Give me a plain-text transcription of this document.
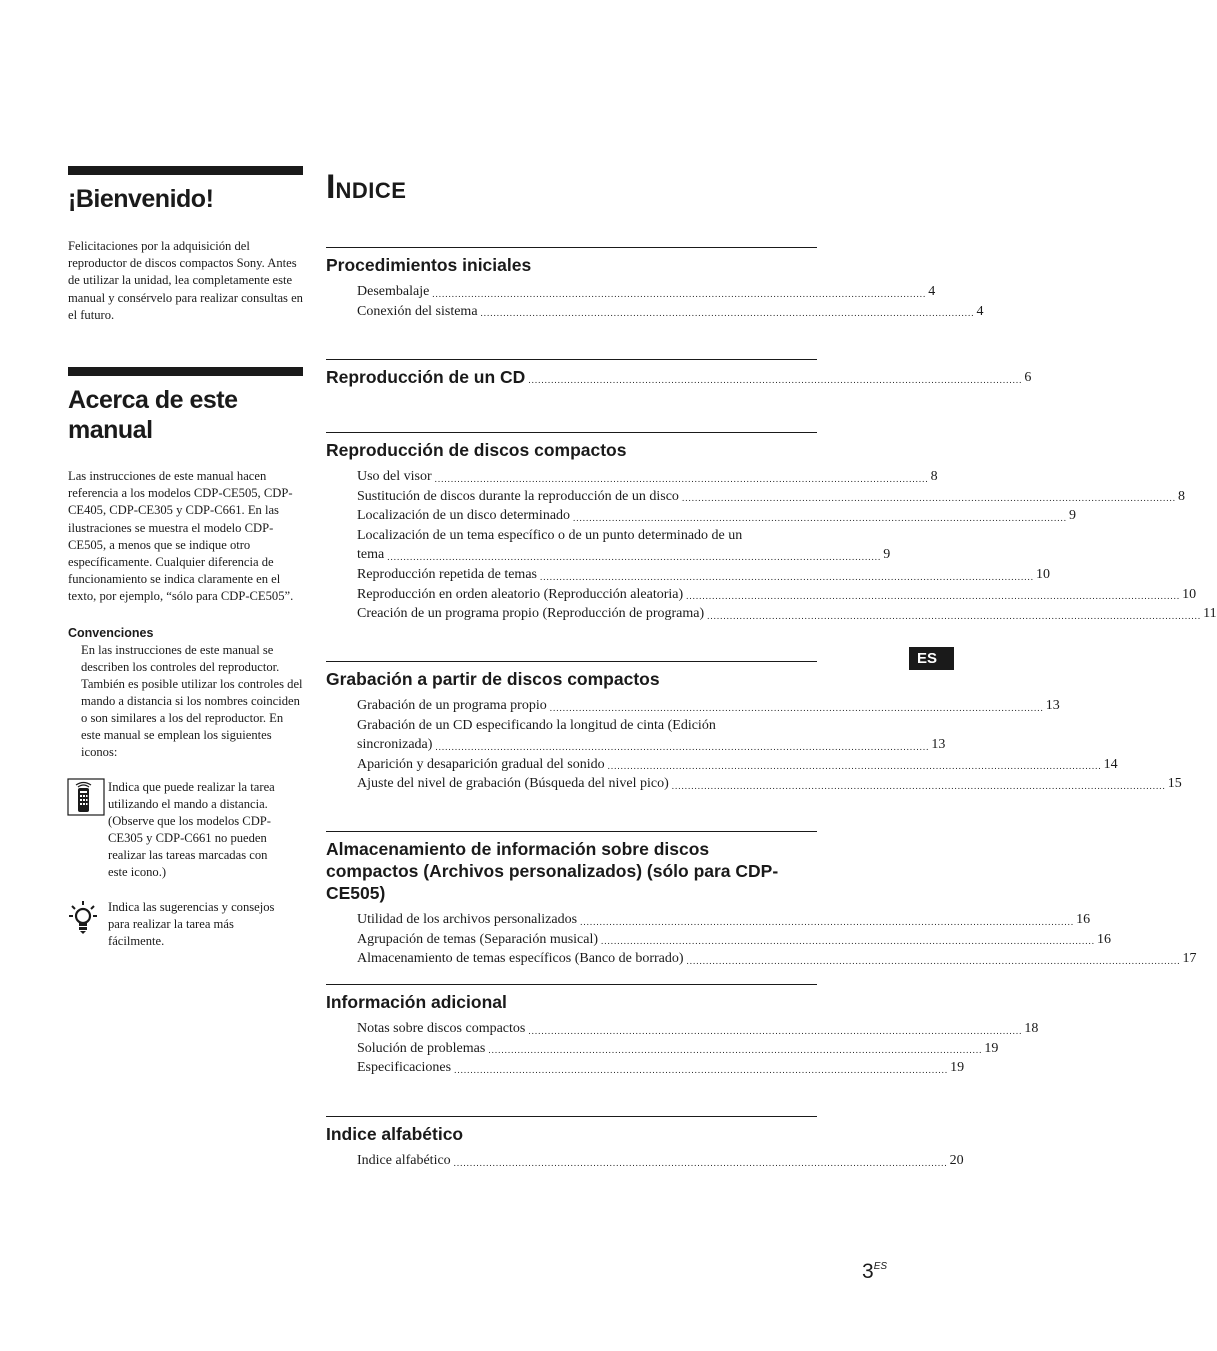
¡Bienvenido!

Felicitaciones por la adquisición del reproductor de discos compactos Sony. Antes de utilizar la unidad, lea completamente este manual y consérvelo para realizar consultas en el futuro.

Acerca de este manual

Las instrucciones de este manual hacen referencia a los modelos CDP-CE505, CDP-CE405, CDP-CE305 y CDP-C661. En las ilustraciones se muestra el modelo CDP-CE505, a menos que se indique otro específicamente. Cualquier diferencia de funcionamiento se indica claramente en el texto, por ejemplo, “sólo para CDP-CE505”.

Convenciones

En las instrucciones de este manual se describen los controles del reproductor. También es posible utilizar los controles del mando a distancia si los nombres coinciden o son similares a los del reproductor. En este manual se emplean los siguientes iconos:

Indica que puede realizar la tarea utilizando el mando a distancia. (Observe que los modelos CDP-CE305 y CDP-C661 no pueden realizar las tareas marcadas con este icono.)

Indica las sugerencias y consejos para realizar la tarea más fácilmente.

INDICE

Procedimientos iniciales

Desembalaje ........................................................................................................................................................ 4
Conexión del sistema ........................................................................................................................................................ 4
Reproducción de un CD ........................................................................................................................................................ 6

Reproducción de discos compactos

Uso del visor ........................................................................................................................................................ 8
Sustitución de discos durante la reproducción de un disco ........................................................................................................................................................ 8
Localización de un disco determinado ........................................................................................................................................................ 9
Localización de un tema específico o de un punto determinado de un
tema ........................................................................................................................................................ 9
Reproducción repetida de temas ........................................................................................................................................................ 10
Reproducción en orden aleatorio (Reproducción aleatoria) ........................................................................................................................................................ 10
Creación de un programa propio (Reproducción de programa) ........................................................................................................................................................ 11

Grabación a partir de discos compactos

Grabación de un programa propio ........................................................................................................................................................ 13
Grabación de un CD especificando la longitud de cinta (Edición
sincronizada) ........................................................................................................................................................ 13
Aparición y desaparición gradual del sonido ........................................................................................................................................................ 14
Ajuste del nivel de grabación (Búsqueda del nivel pico) ........................................................................................................................................................ 15

Almacenamiento de información sobre discos compactos (Archivos personalizados) (sólo para CDP-CE505)

Utilidad de los archivos personalizados ........................................................................................................................................................ 16
Agrupación de temas (Separación musical) ........................................................................................................................................................ 16
Almacenamiento de temas específicos (Banco de borrado) ........................................................................................................................................................ 17

Información adicional

Notas sobre discos compactos ........................................................................................................................................................ 18
Solución de problemas ........................................................................................................................................................ 19
Especificaciones ........................................................................................................................................................ 19

Indice alfabético

Indice alfabético ........................................................................................................................................................ 20
ES
$3^{ES}$
